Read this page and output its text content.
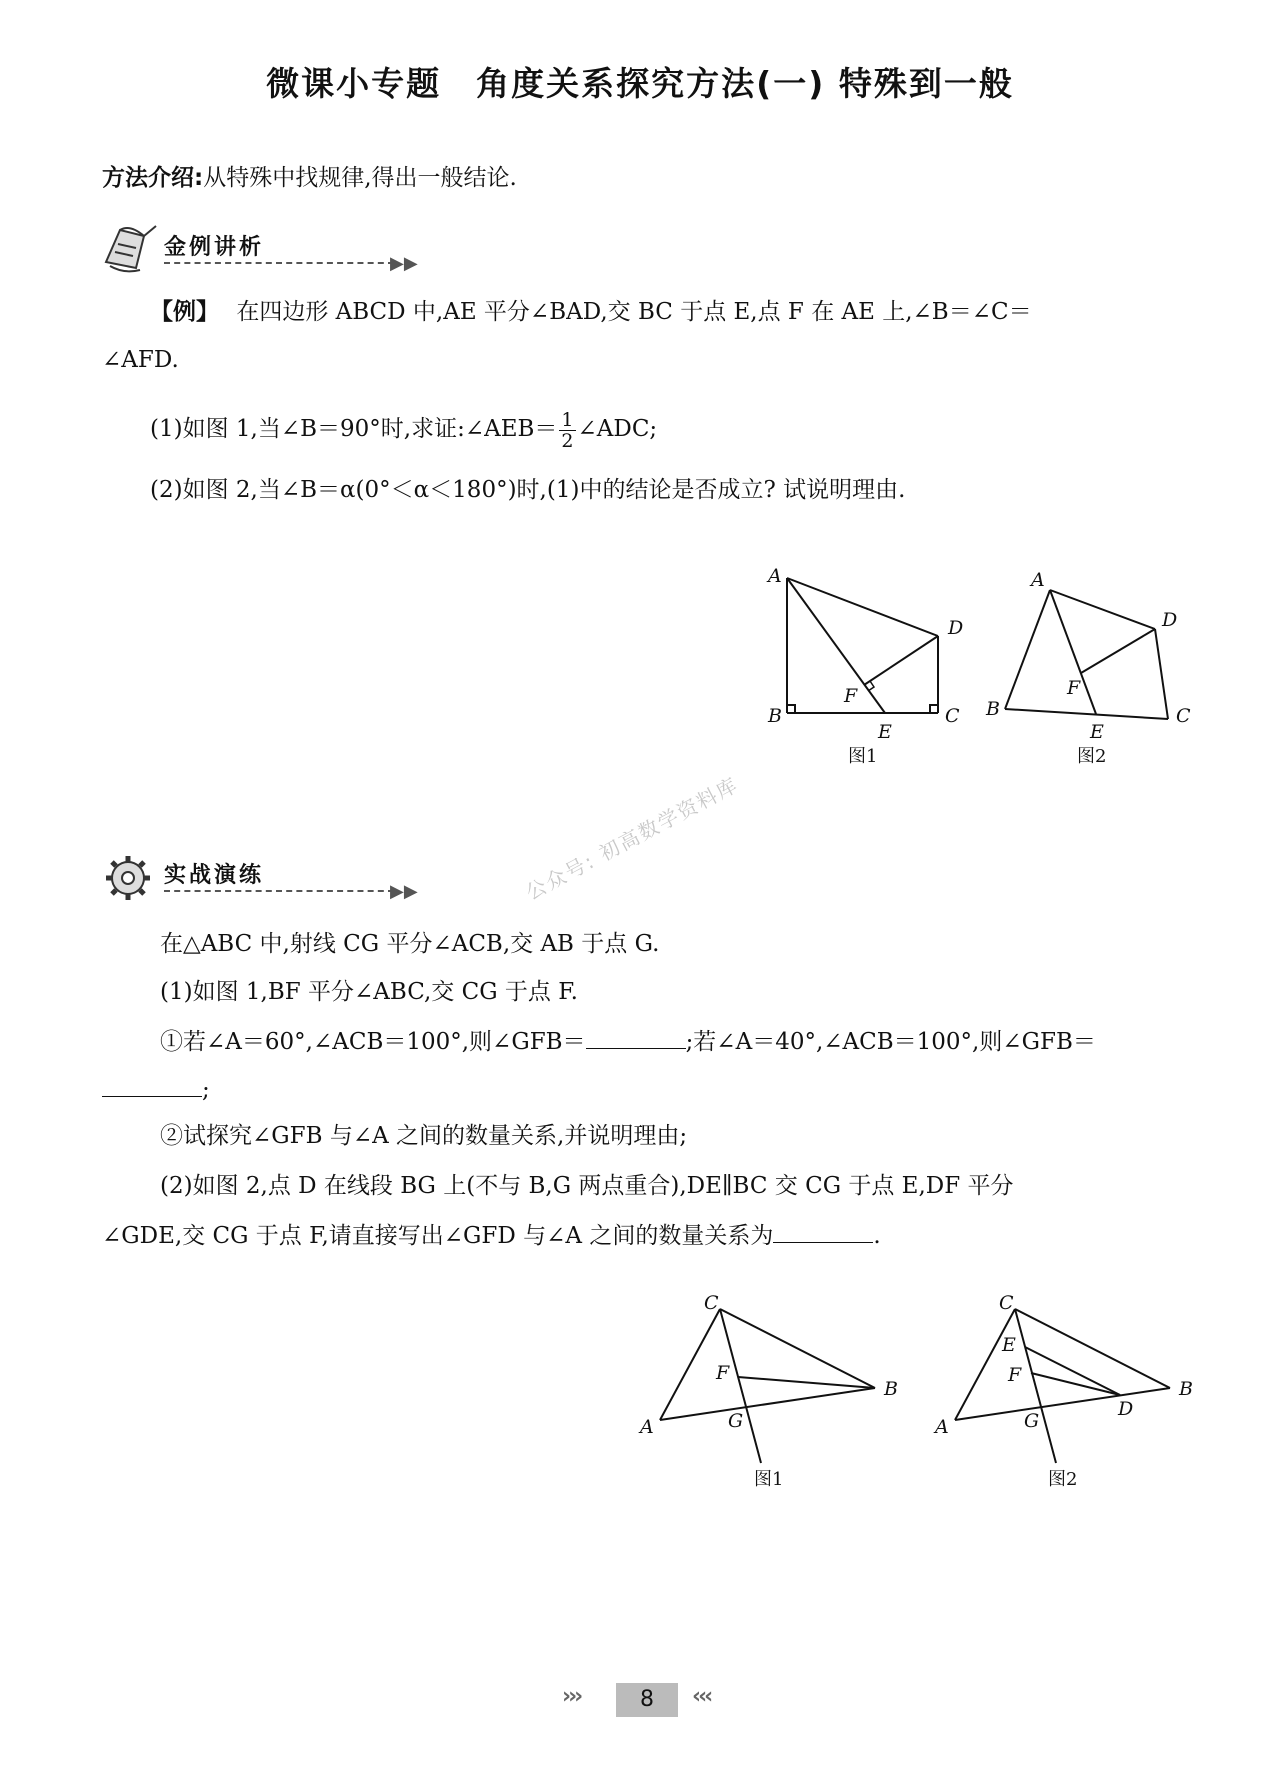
微课小专题　角度关系探究方法(一) 特殊到一般
方法介绍:从特殊中找规律,得出一般结论.
金例讲析
▶▶
【例】 在四边形 ABCD 中,AE 平分∠BAD,交 BC 于点 E,点 F 在 AE 上,∠B＝∠C＝
∠AFD.
(1)如图 1,当∠B＝90°时,求证:∠AEB＝ $\frac{1}{2}$ ∠ADC;
(2)如图 2,当∠B＝α(0°＜α＜180°)时,(1)中的结论是否成立? 试说明理由.
A
B	C
D
E
F
图1
A
B	C
D
E
F
图2
实战演练
▶▶	公众号: 初高数学资料库
在△ABC 中,射线 CG 平分∠ACB,交 AB 于点 G.
(1)如图 1,BF 平分∠ABC,交 CG 于点 F.
①若∠A＝60°,∠ACB＝100°,则∠GFB＝	;若∠A＝40°,∠ACB＝100°,则∠GFB＝
;
②试探究∠GFB 与∠A 之间的数量关系,并说明理由;
(2)如图 2,点 D 在线段 BG 上(不与 B,G 两点重合),DE∥BC 交 CG 于点 E,DF 平分
∠GDE,交 CG 于点 F,请直接写出∠GFD 与∠A 之间的数量关系为	.
C
F
B
A	G
图1
C
E
F
B
D
A	G
图2
›››	8	‹‹‹
